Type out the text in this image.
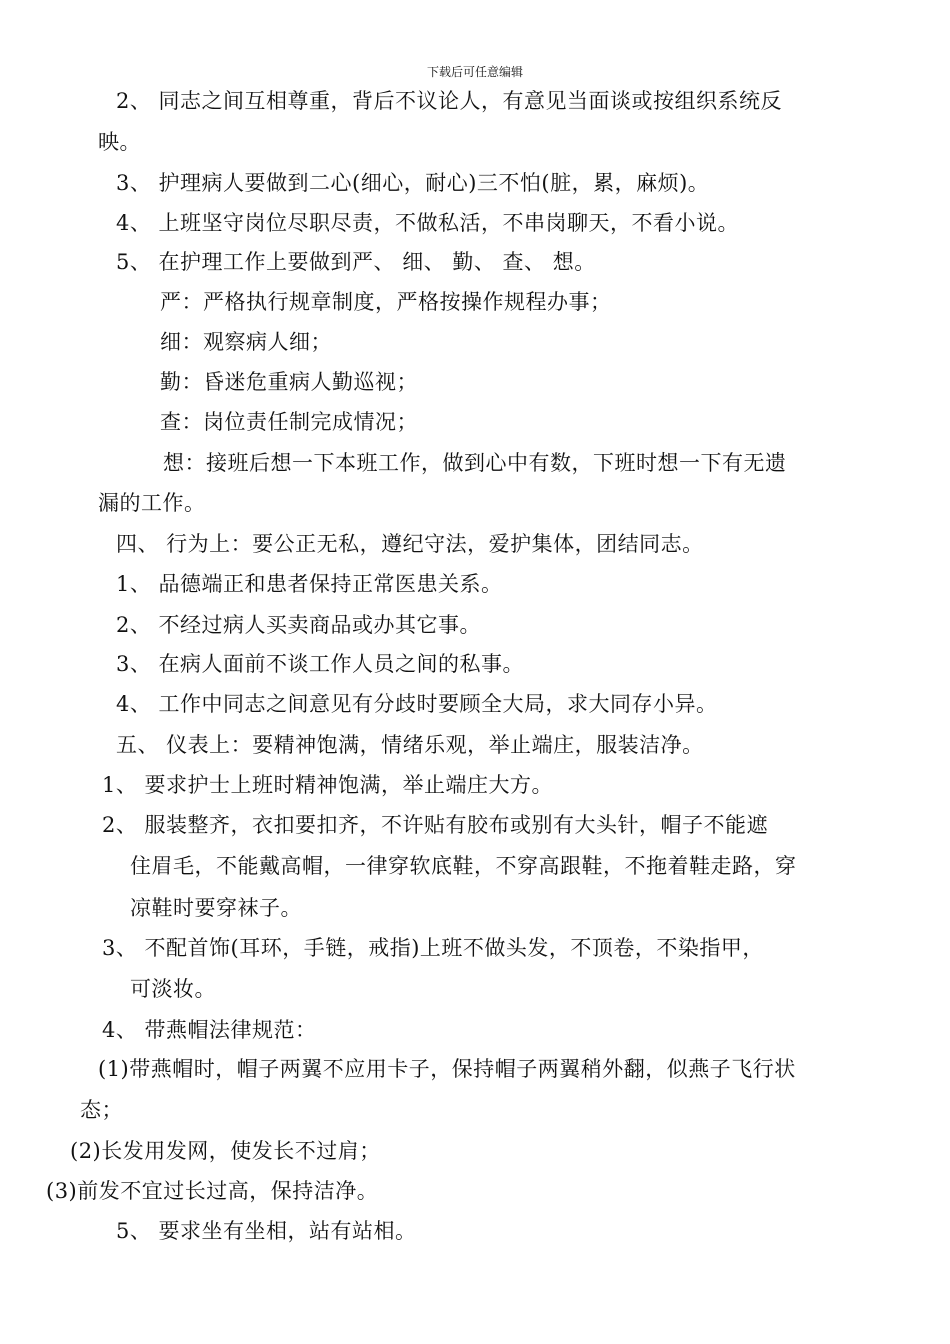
下载后可任意编辑
2、 同志之间互相尊重，背后不议论人，有意见当面谈或按组织系统反
映。
3、 护理病人要做到二心(细心，耐心)三不怕(脏，累，麻烦)。
4、 上班坚守岗位尽职尽责，不做私活，不串岗聊天，不看小说。
5、 在护理工作上要做到严、 细、 勤、 查、 想。
严：严格执行规章制度，严格按操作规程办事；
细：观察病人细；
勤：昏迷危重病人勤巡视；
查：岗位责任制完成情况；
想：接班后想一下本班工作，做到心中有数，下班时想一下有无遗
漏的工作。
四、 行为上：要公正无私，遵纪守法，爱护集体，团结同志。
1、 品德端正和患者保持正常医患关系。
2、 不经过病人买卖商品或办其它事。
3、 在病人面前不谈工作人员之间的私事。
4、 工作中同志之间意见有分歧时要顾全大局，求大同存小异。
五、 仪表上：要精神饱满，情绪乐观，举止端庄，服装洁净。
1、 要求护士上班时精神饱满，举止端庄大方。
2、 服装整齐，衣扣要扣齐，不许贴有胶布或别有大头针，帽子不能遮
住眉毛，不能戴高帽，一律穿软底鞋，不穿高跟鞋，不拖着鞋走路，穿
凉鞋时要穿袜子。
3、 不配首饰(耳环，手链，戒指)上班不做头发，不顶卷，不染指甲，
可淡妆。
4、 带燕帽法律规范：
(1)带燕帽时，帽子两翼不应用卡子，保持帽子两翼稍外翻，似燕子飞行状
态；
(2)长发用发网，使发长不过肩；
(3)前发不宜过长过高，保持洁净。
5、 要求坐有坐相，站有站相。
